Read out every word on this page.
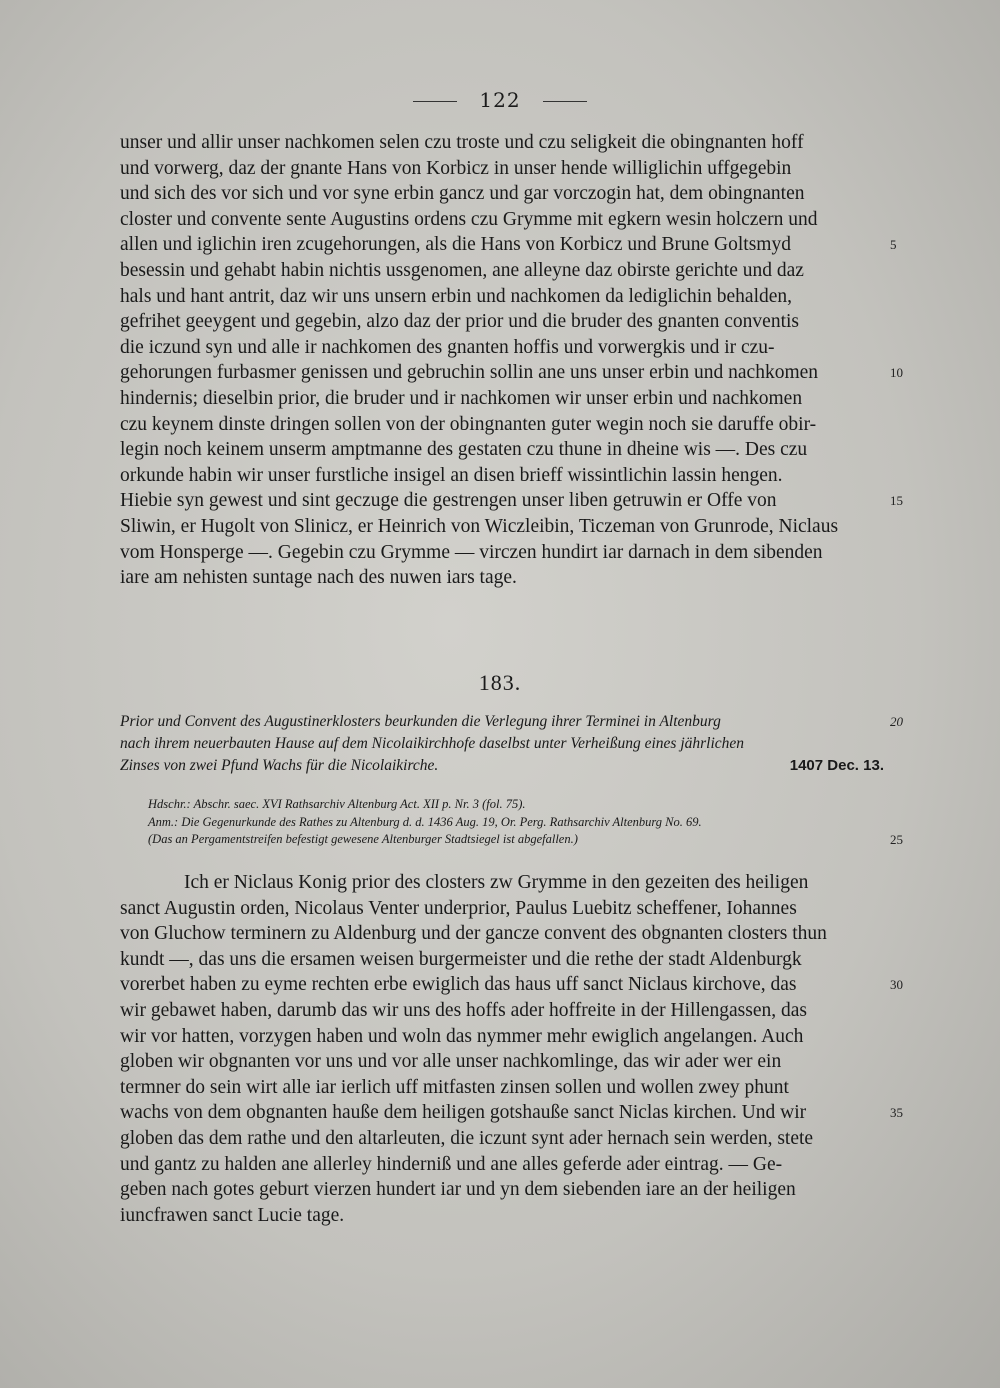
122
unser und allir unser nachkomen selen czu troste und czu seligkeit die obingnanten hoff
und vorwerg, daz der gnante Hans von Korbicz in unser hende williglichin uffgegebin
und sich des vor sich und vor syne erbin gancz und gar vorczogin hat, dem obingnanten
closter und convente sente Augustins ordens czu Grymme mit egkern wesin holczern und
allen und iglichin iren zcugehorungen, als die Hans von Korbicz und Brune Goltsmyd	5
besessin und gehabt habin nichtis ussgenomen, ane alleyne daz obirste gerichte und daz
hals und hant antrit, daz wir uns unsern erbin und nachkomen da lediglichin behalden,
gefrihet geeygent und gegebin, alzo daz der prior und die bruder des gnanten conventis
die iczund syn und alle ir nachkomen des gnanten hoffis und vorwergkis und ir czu-
gehorungen furbasmer genissen und gebruchin sollin ane uns unser erbin und nachkomen	10
hindernis; dieselbin prior, die bruder und ir nachkomen wir unser erbin und nachkomen
czu keynem dinste dringen sollen von der obingnanten guter wegin noch sie daruffe obir-
legin noch keinem unserm amptmanne des gestaten czu thune in dheine wis —. Des czu
orkunde habin wir unser furstliche insigel an disen brieff wissintlichin lassin hengen.
Hiebie syn gewest und sint geczuge die gestrengen unser liben getruwin er Offe von	15
Sliwin, er Hugolt von Slinicz, er Heinrich von Wiczleibin, Ticzeman von Grunrode, Niclaus
vom Honsperge —. Gegebin czu Grymme — virczen hundirt iar darnach in dem sibenden
iare am nehisten suntage nach des nuwen iars tage.
183.
Prior und Convent des Augustinerklosters beurkunden die Verlegung ihrer Terminei in Altenburg	20
nach ihrem neuerbauten Hause auf dem Nicolaikirchhofe daselbst unter Verheißung eines jährlichen
Zinses von zwei Pfund Wachs für die Nicolaikirche.	1407 Dec. 13.
Hdschr.: Abschr. saec. XVI Rathsarchiv Altenburg Act. XII p. Nr. 3 (fol. 75).
Anm.: Die Gegenurkunde des Rathes zu Altenburg d. d. 1436 Aug. 19, Or. Perg. Rathsarchiv Altenburg No. 69.
(Das an Pergamentstreifen befestigt gewesene Altenburger Stadtsiegel ist abgefallen.)	25
Ich er Niclaus Konig prior des closters zw Grymme in den gezeiten des heiligen
sanct Augustin orden, Nicolaus Venter underprior, Paulus Luebitz scheffener, Iohannes
von Gluchow terminern zu Aldenburg und der gancze convent des obgnanten closters thun
kundt —, das uns die ersamen weisen burgermeister und die rethe der stadt Aldenburgk
vorerbet haben zu eyme rechten erbe ewiglich das haus uff sanct Niclaus kirchove, das	30
wir gebawet haben, darumb das wir uns des hoffs ader hoffreite in der Hillengassen, das
wir vor hatten, vorzygen haben und woln das nymmer mehr ewiglich angelangen. Auch
globen wir obgnanten vor uns und vor alle unser nachkomlinge, das wir ader wer ein
termner do sein wirt alle iar ierlich uff mitfasten zinsen sollen und wollen zwey phunt
wachs von dem obgnanten hauße dem heiligen gotshauße sanct Niclas kirchen. Und wir	35
globen das dem rathe und den altarleuten, die iczunt synt ader hernach sein werden, stete
und gantz zu halden ane allerley hinderniß und ane alles geferde ader eintrag. — Ge-
geben nach gotes geburt vierzen hundert iar und yn dem siebenden iare an der heiligen
iuncfrawen sanct Lucie tage.
